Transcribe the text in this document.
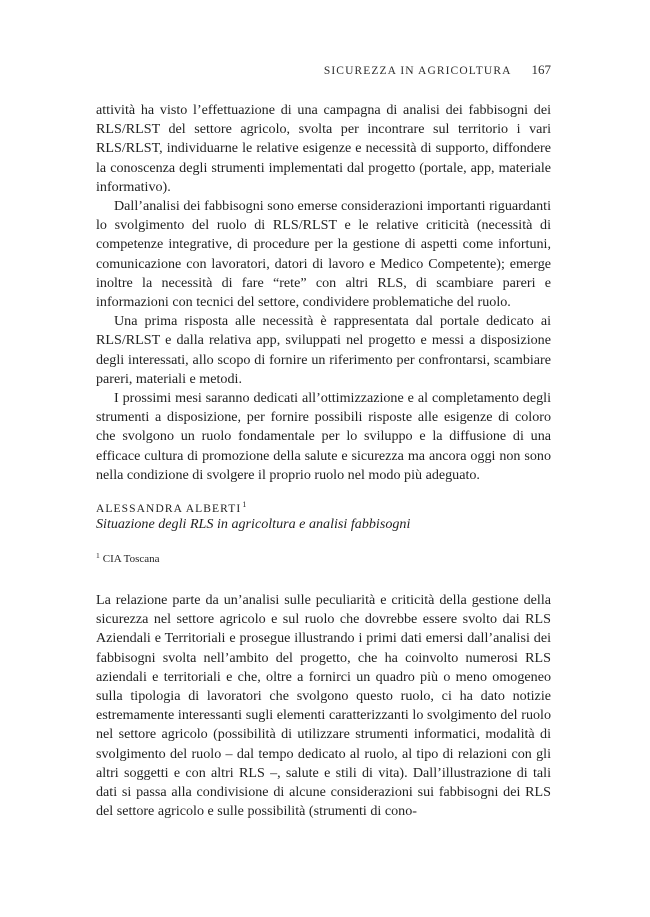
SICUREZZA IN AGRICOLTURA 167

attività ha visto l’effettuazione di una campagna di analisi dei fabbisogni dei RLS/RLST del settore agricolo, svolta per incontrare sul territorio i vari RLS/RLST, individuarne le relative esigenze e necessità di supporto, diffondere la conoscenza degli strumenti implementati dal progetto (portale, app, materiale informativo).

Dall’analisi dei fabbisogni sono emerse considerazioni importanti riguardanti lo svolgimento del ruolo di RLS/RLST e le relative criticità (necessità di competenze integrative, di procedure per la gestione di aspetti come infortuni, comunicazione con lavoratori, datori di lavoro e Medico Competente); emerge inoltre la necessità di fare “rete” con altri RLS, di scambiare pareri e informazioni con tecnici del settore, condividere problematiche del ruolo.

Una prima risposta alle necessità è rappresentata dal portale dedicato ai RLS/RLST e dalla relativa app, sviluppati nel progetto e messi a disposizione degli interessati, allo scopo di fornire un riferimento per confrontarsi, scambiare pareri, materiali e metodi.

I prossimi mesi saranno dedicati all’ottimizzazione e al completamento degli strumenti a disposizione, per fornire possibili risposte alle esigenze di coloro che svolgono un ruolo fondamentale per lo sviluppo e la diffusione di una efficace cultura di promozione della salute e sicurezza ma ancora oggi non sono nella condizione di svolgere il proprio ruolo nel modo più adeguato.

ALESSANDRA ALBERTI$^1$
Situazione degli RLS in agricoltura e analisi fabbisogni
$^1$ CIA Toscana

La relazione parte da un’analisi sulle peculiarità e criticità della gestione della sicurezza nel settore agricolo e sul ruolo che dovrebbe essere svolto dai RLS Aziendali e Territoriali e prosegue illustrando i primi dati emersi dall’analisi dei fabbisogni svolta nell’ambito del progetto, che ha coinvolto numerosi RLS aziendali e territoriali e che, oltre a fornirci un quadro più o meno omogeneo sulla tipologia di lavoratori che svolgono questo ruolo, ci ha dato notizie estremamente interessanti sugli elementi caratterizzanti lo svolgimento del ruolo nel settore agricolo (possibilità di utilizzare strumenti informatici, modalità di svolgimento del ruolo – dal tempo dedicato al ruolo, al tipo di relazioni con gli altri soggetti e con altri RLS –, salute e stili di vita). Dall’illustrazione di tali dati si passa alla condivisione di alcune considerazioni sui fabbisogni dei RLS del settore agricolo e sulle possibilità (strumenti di cono-
